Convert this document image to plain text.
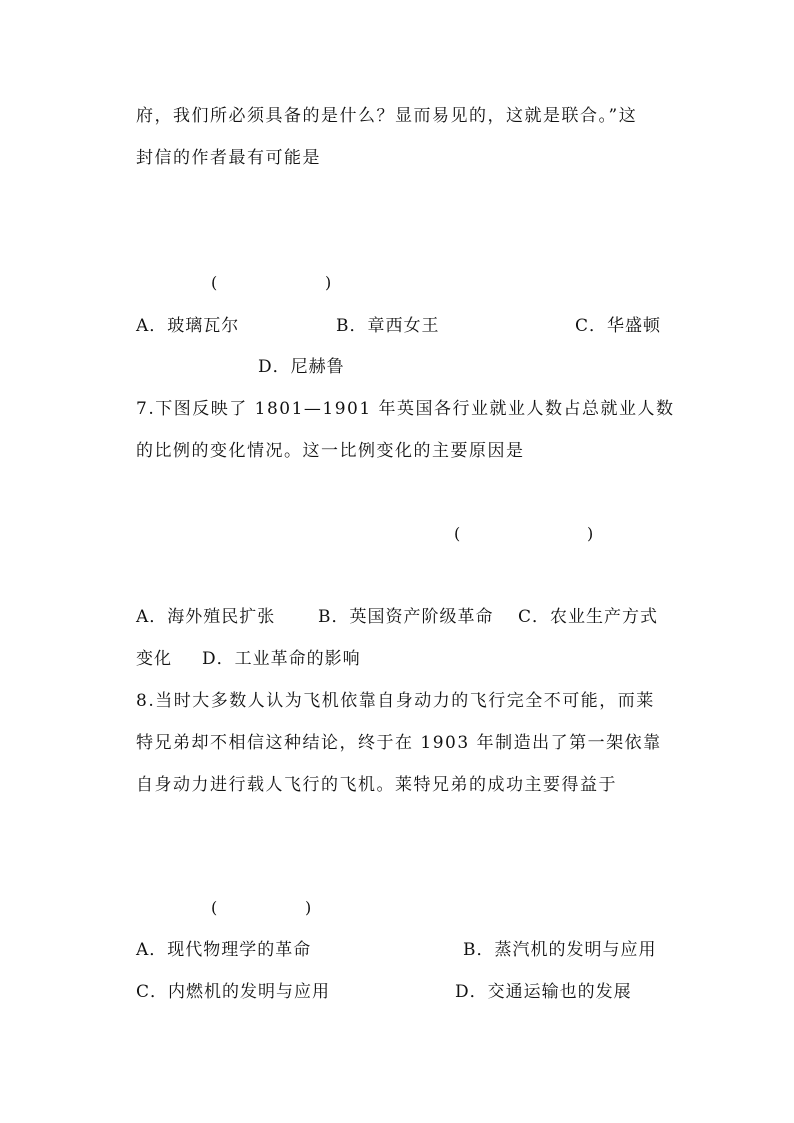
府，我们所必须具备的是什么？显而易见的，这就是联合。”这
封信的作者最有可能是
(	)
A．玻璃瓦尔	B．章西女王	C．华盛顿
D．尼赫鲁
7.下图反映了 1801—1901 年英国各行业就业人数占总就业人数
的比例的变化情况。这一比例变化的主要原因是
(	)
A．海外殖民扩张	B．英国资产阶级革命 C．农业生产方式
变化 D．工业革命的影响
8.当时大多数人认为飞机依靠自身动力的飞行完全不可能，而莱
特兄弟却不相信这种结论，终于在 1903 年制造出了第一架依靠
自身动力进行载人飞行的飞机。莱特兄弟的成功主要得益于
(	)
A．现代物理学的革命	B．蒸汽机的发明与应用
C．内燃机的发明与应用	D．交通运输也的发展
